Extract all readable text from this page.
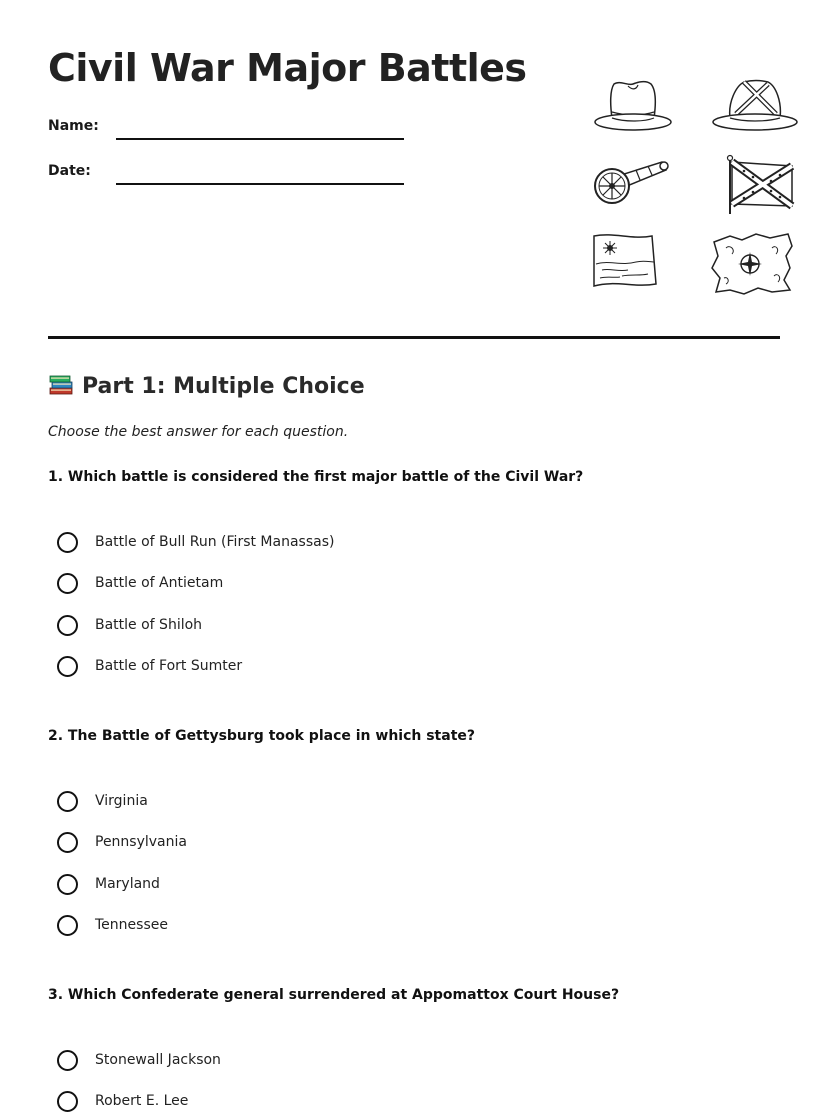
Civil War Major Battles
Name:
Date:
Part 1: Multiple Choice

Choose the best answer for each question.

1. Which battle is considered the first major battle of the Civil War?

Battle of Bull Run (First Manassas)
Battle of Antietam
Battle of Shiloh
Battle of Fort Sumter

2. The Battle of Gettysburg took place in which state?

Virginia
Pennsylvania
Maryland
Tennessee

3. Which Confederate general surrendered at Appomattox Court House?

Stonewall Jackson
Robert E. Lee
